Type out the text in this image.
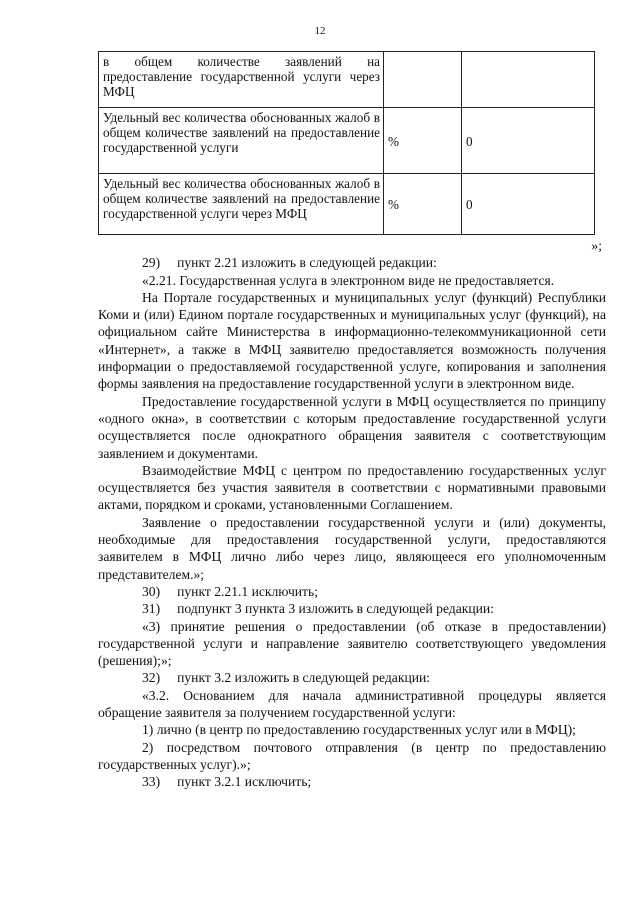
12
в общем количестве заявлений на предоставление государственной услуги через МФЦ		
Удельный вес количества обоснованных жалоб в общем количестве заявлений на предоставление государственной услуги	%	0
Удельный вес количества обоснованных жалоб в общем количестве заявлений на предоставление государственной услуги через МФЦ	%	0

»;

29)     пункт 2.21 изложить в следующей редакции:

«2.21. Государственная услуга в электронном виде не предоставляется.

На Портале государственных и муниципальных услуг (функций) Республики Коми и (или) Едином портале государственных и муниципальных услуг (функций), на официальном сайте Министерства в информационно-телекоммуникационной сети «Интернет», а также в МФЦ заявителю предоставляется возможность получения информации о предоставляемой государственной услуге, копирования и заполнения формы заявления на предоставление государственной услуги в электронном виде.

Предоставление государственной услуги в МФЦ осуществляется по принципу «одного окна», в соответствии с которым предоставление государственной услуги осуществляется после однократного обращения заявителя с соответствующим заявлением и документами.

Взаимодействие МФЦ с центром по предоставлению государственных услуг осуществляется без участия заявителя в соответствии с нормативными правовыми актами, порядком и сроками, установленными Соглашением.

Заявление о предоставлении государственной услуги и (или) документы, необходимые для предоставления государственной услуги, предоставляются заявителем в МФЦ лично либо через лицо, являющееся его уполномоченным представителем.»;

30)     пункт 2.21.1 исключить;

31)     подпункт 3 пункта 3 изложить в следующей редакции:

«3) принятие решения о предоставлении (об отказе в предоставлении) государственной услуги и направление заявителю соответствующего уведомления (решения);»;

32)     пункт 3.2 изложить в следующей редакции:

«3.2. Основанием для начала административной процедуры является обращение заявителя за получением государственной услуги:

1) лично (в центр по предоставлению государственных услуг или в МФЦ);

2) посредством почтового отправления (в центр по предоставлению государственных услуг).»;

33)     пункт 3.2.1 исключить;
